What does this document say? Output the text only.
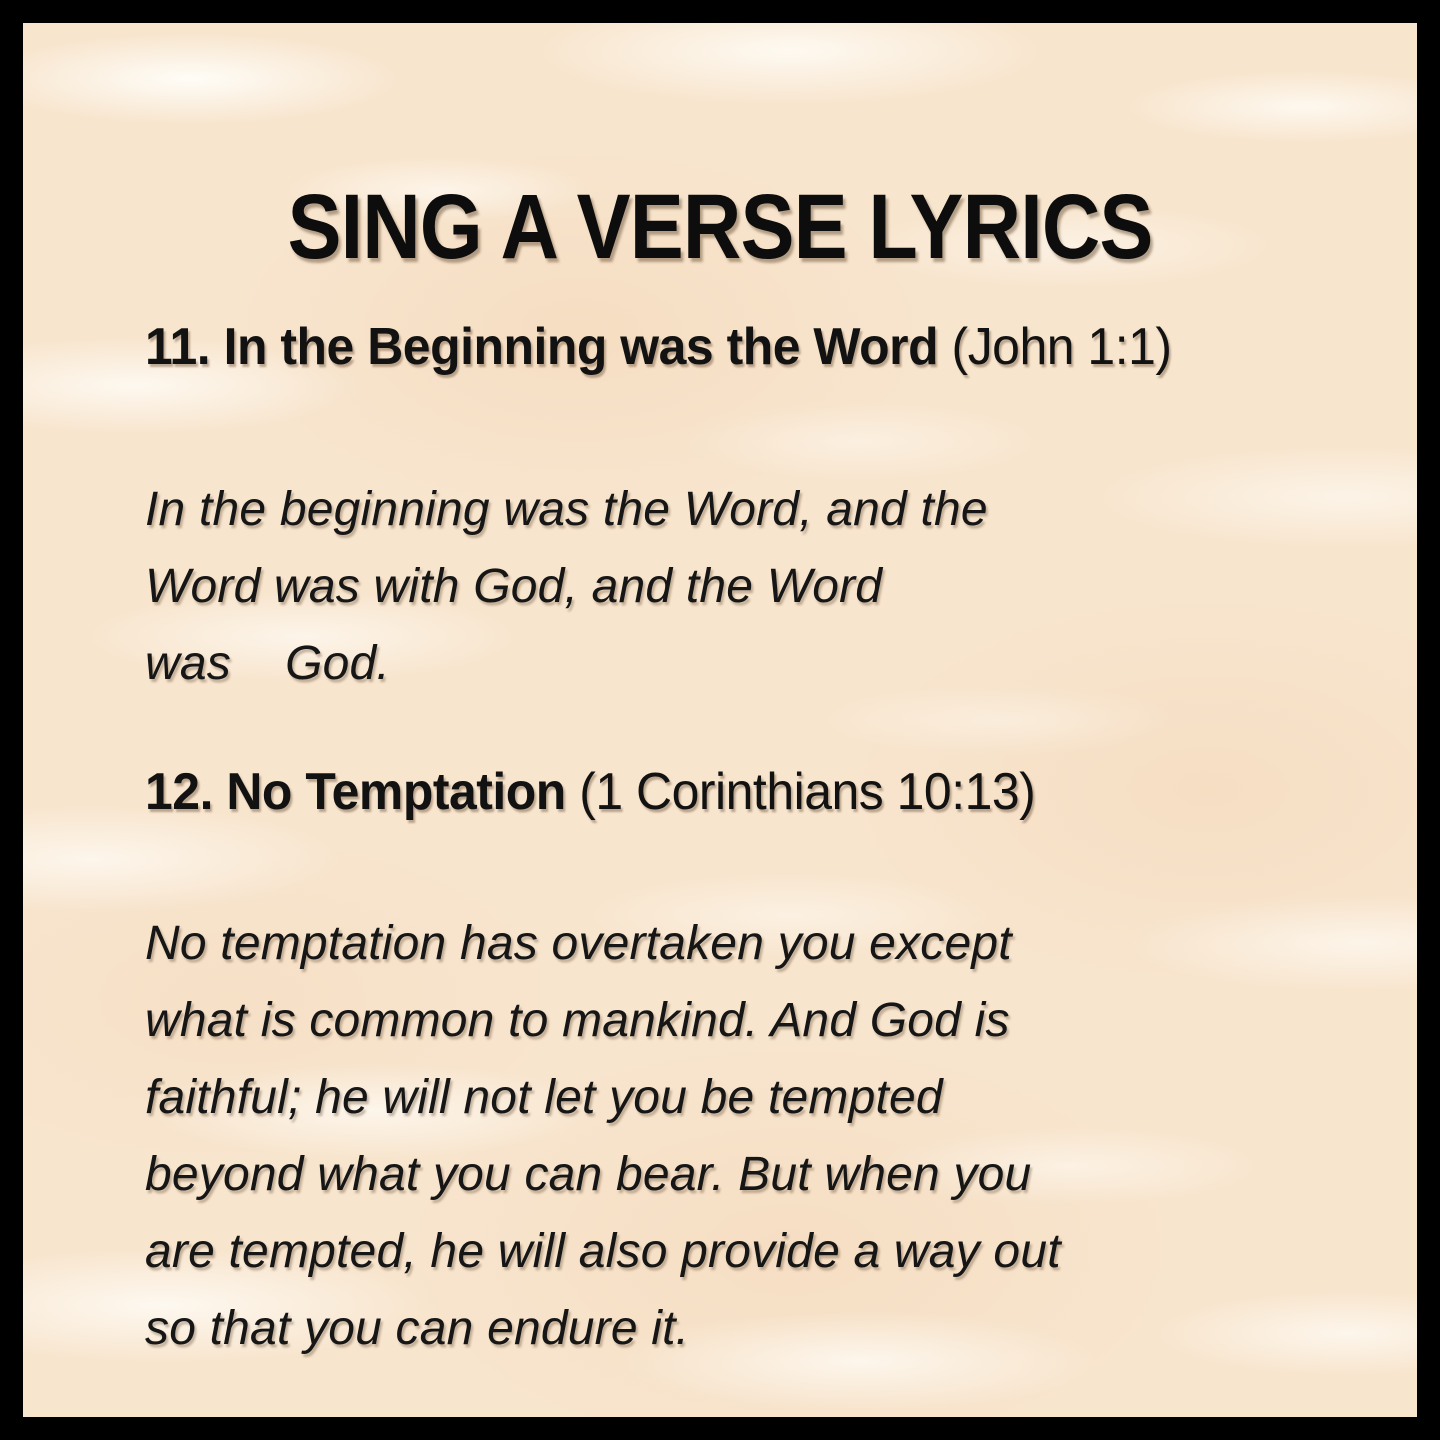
SING A VERSE LYRICS
11. In the Beginning was the Word (John 1:1)
In the beginning was the Word, and the
Word was with God, and the Word
was    God.
12. No Temptation (1 Corinthians 10:13)
No temptation has overtaken you except
what is common to mankind. And God is
faithful; he will not let you be tempted
beyond what you can bear. But when you
are tempted, he will also provide a way out
so that you can endure it.
